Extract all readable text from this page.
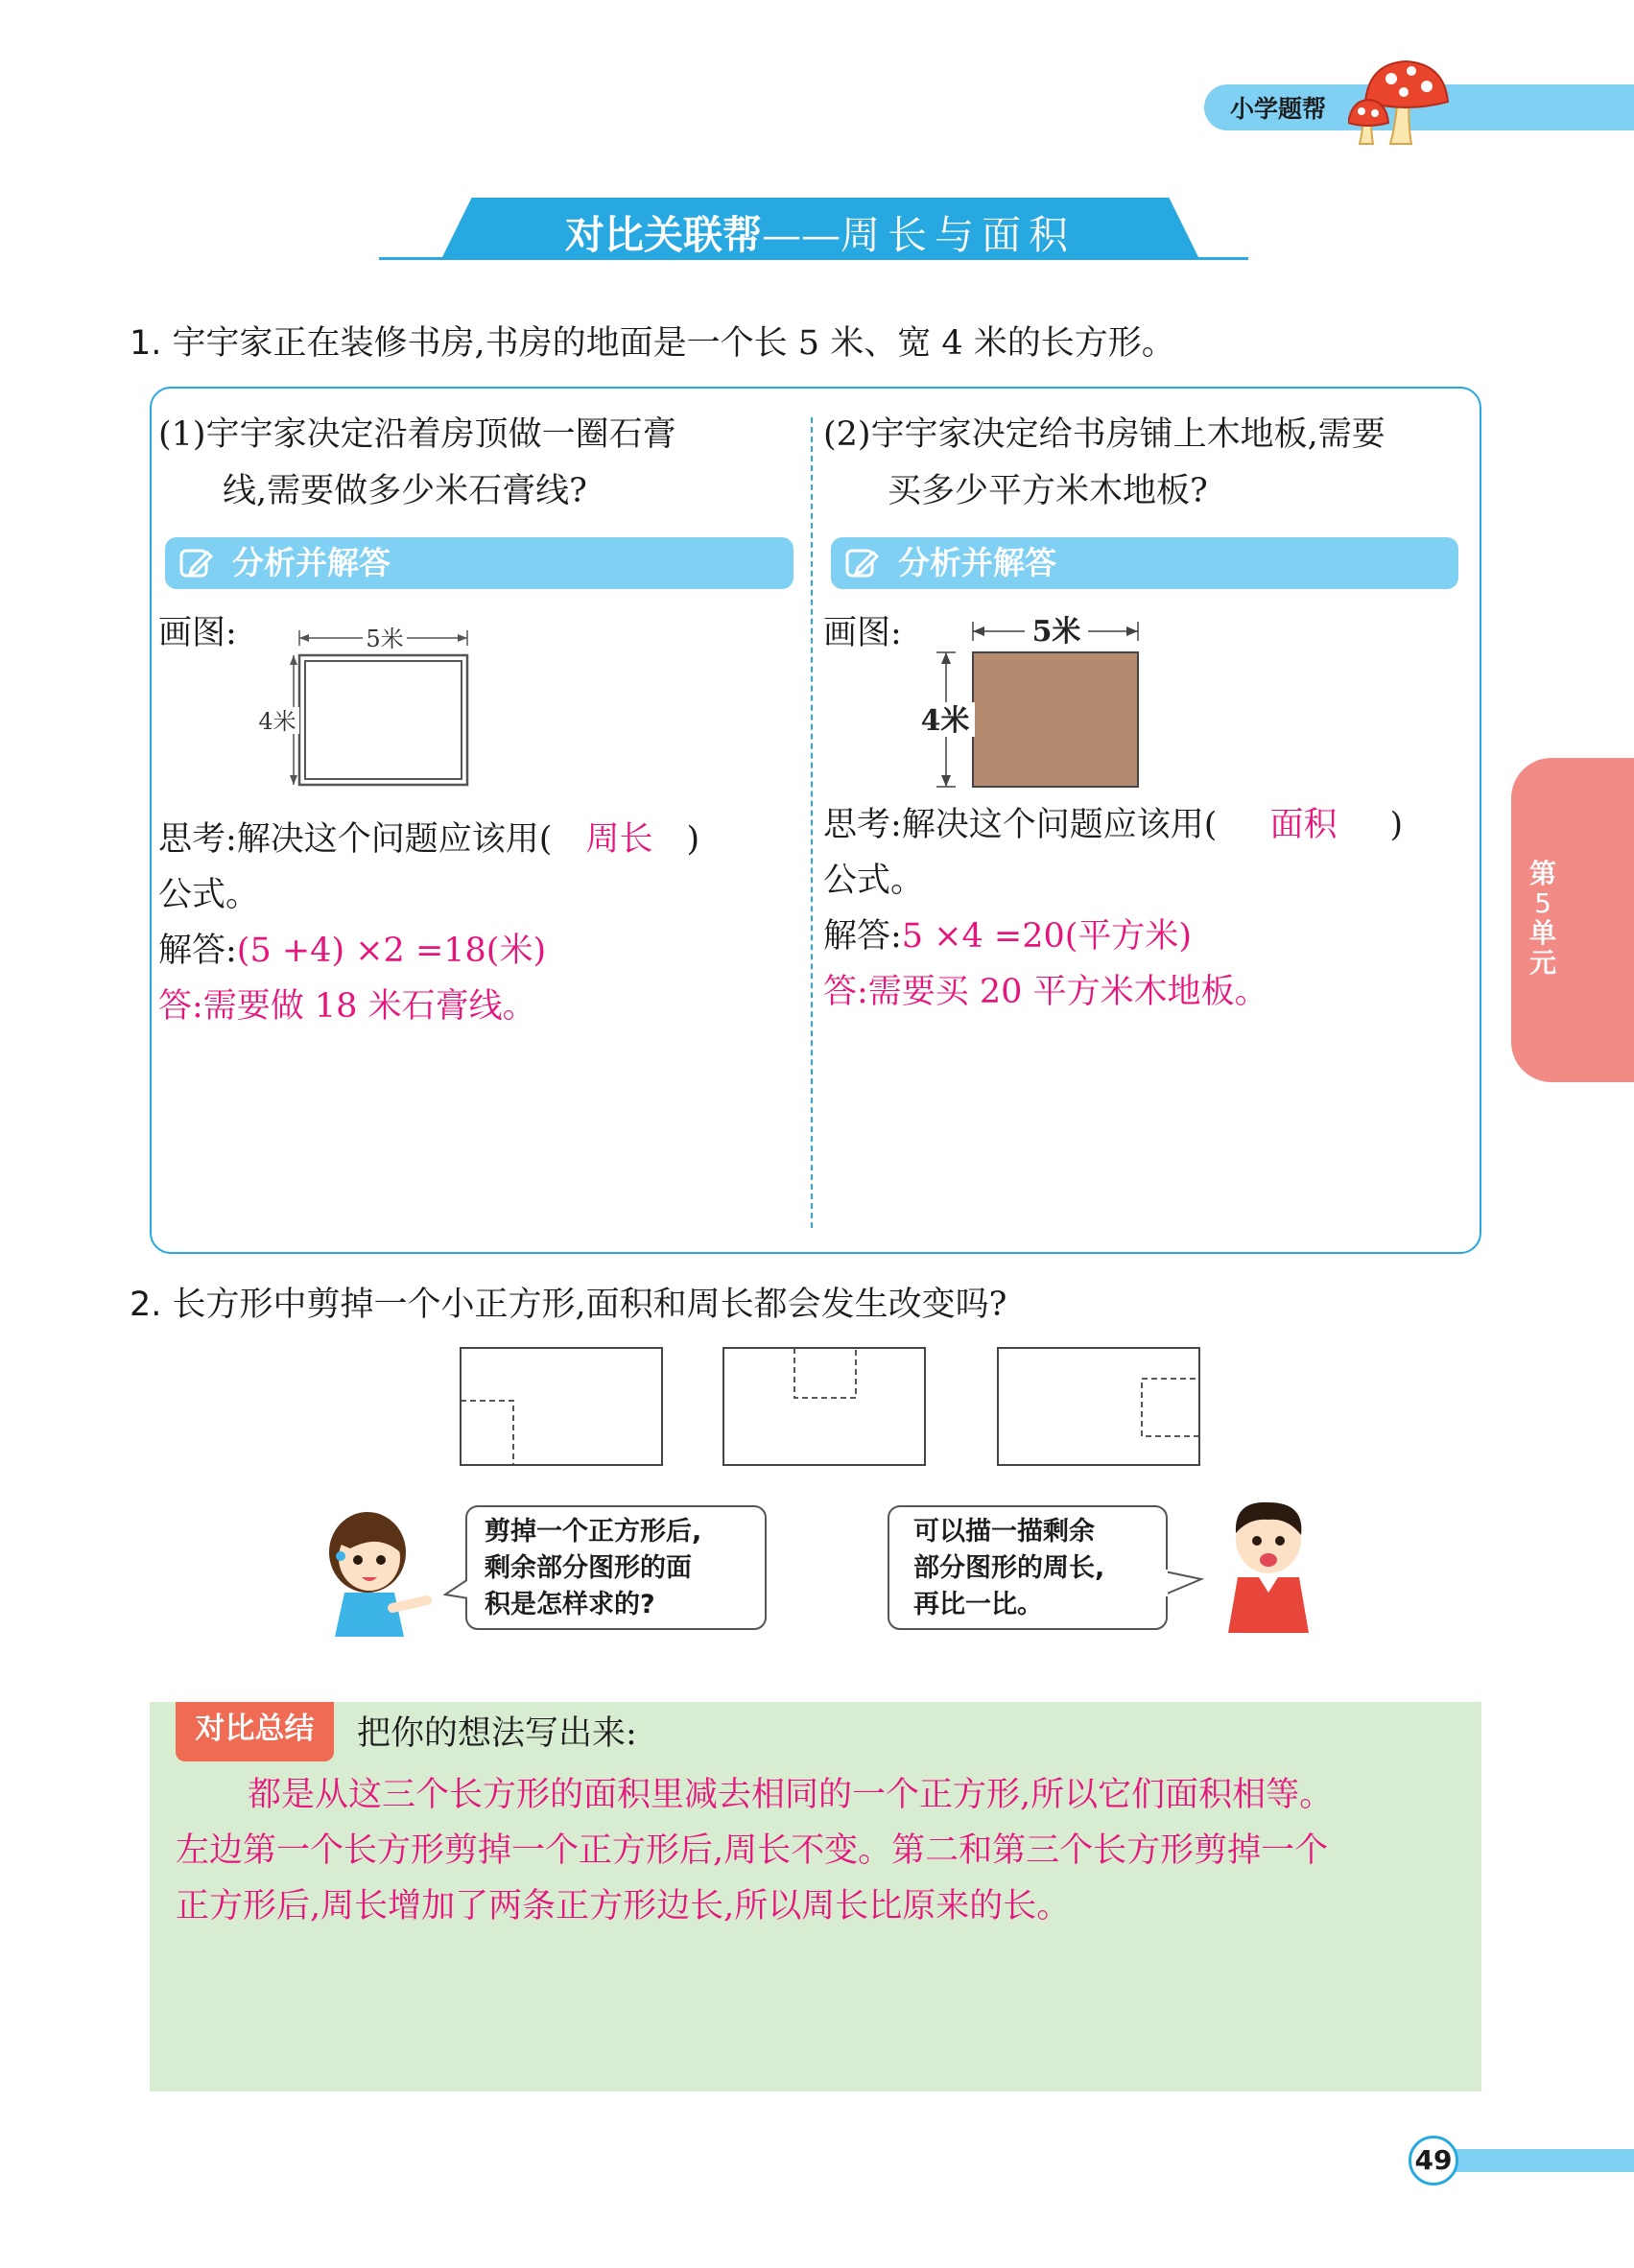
小学题帮
对比关联帮——周长与面积
1. 宇宇家正在装修书房,书房的地面是一个长 5 米、宽 4 米的长方形。
(1)宇宇家决定沿着房顶做一圈石膏
线,需要做多少米石膏线?
分析并解答
画图:	5米
4米
思考:解决这个问题应该用( 周长 )
公式。
解答:(5 +4) ×2 =18(米)
答:需要做 18 米石膏线。
(2)宇宇家决定给书房铺上木地板,需要
买多少平方米木地板?
分析并解答
画图:	5米
4米
思考:解决这个问题应该用( 面积 )
公式。
解答:5 ×4 =20(平方米)
答:需要买 20 平方米木地板。
第
5
单
元
2. 长方形中剪掉一个小正方形,面积和周长都会发生改变吗?
剪掉一个正方形后,
剩余部分图形的面
积是怎样求的?
可以描一描剩余
部分图形的周长,
再比一比。
对比总结	把你的想法写出来:
都是从这三个长方形的面积里减去相同的一个正方形,所以它们面积相等。
左边第一个长方形剪掉一个正方形后,周长不变。第二和第三个长方形剪掉一个
正方形后,周长增加了两条正方形边长,所以周长比原来的长。
49
